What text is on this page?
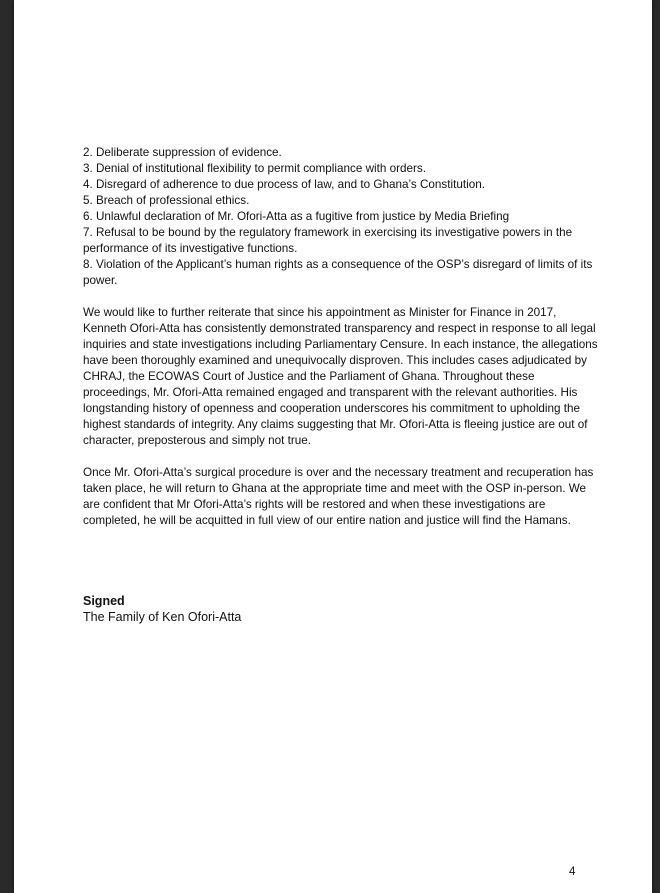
2. Deliberate suppression of evidence.
3. Denial of institutional flexibility to permit compliance with orders.
4. Disregard of adherence to due process of law, and to Ghana’s Constitution.
5. Breach of professional ethics.
6. Unlawful declaration of Mr. Ofori-Atta as a fugitive from justice by Media Briefing
7. Refusal to be bound by the regulatory framework in exercising its investigative powers in the performance of its investigative functions.
8. Violation of the Applicant’s human rights as a consequence of the OSP’s disregard of limits of its power.

We would like to further reiterate that since his appointment as Minister for Finance in 2017, Kenneth Ofori-Atta has consistently demonstrated transparency and respect in response to all legal inquiries and state investigations including Parliamentary Censure. In each instance, the allegations have been thoroughly examined and unequivocally disproven. This includes cases adjudicated by CHRAJ, the ECOWAS Court of Justice and the Parliament of Ghana. Throughout these proceedings, Mr. Ofori-Atta remained engaged and transparent with the relevant authorities. His longstanding history of openness and cooperation underscores his commitment to upholding the highest standards of integrity. Any claims suggesting that Mr. Ofori-Atta is fleeing justice are out of character, preposterous and simply not true.

Once Mr. Ofori-Atta’s surgical procedure is over and the necessary treatment and recuperation has taken place, he will return to Ghana at the appropriate time and meet with the OSP in-person. We are confident that Mr Ofori-Atta’s rights will be restored and when these investigations are completed, he will be acquitted in full view of our entire nation and justice will find the Hamans.

Signed
The Family of Ken Ofori-Atta
4
